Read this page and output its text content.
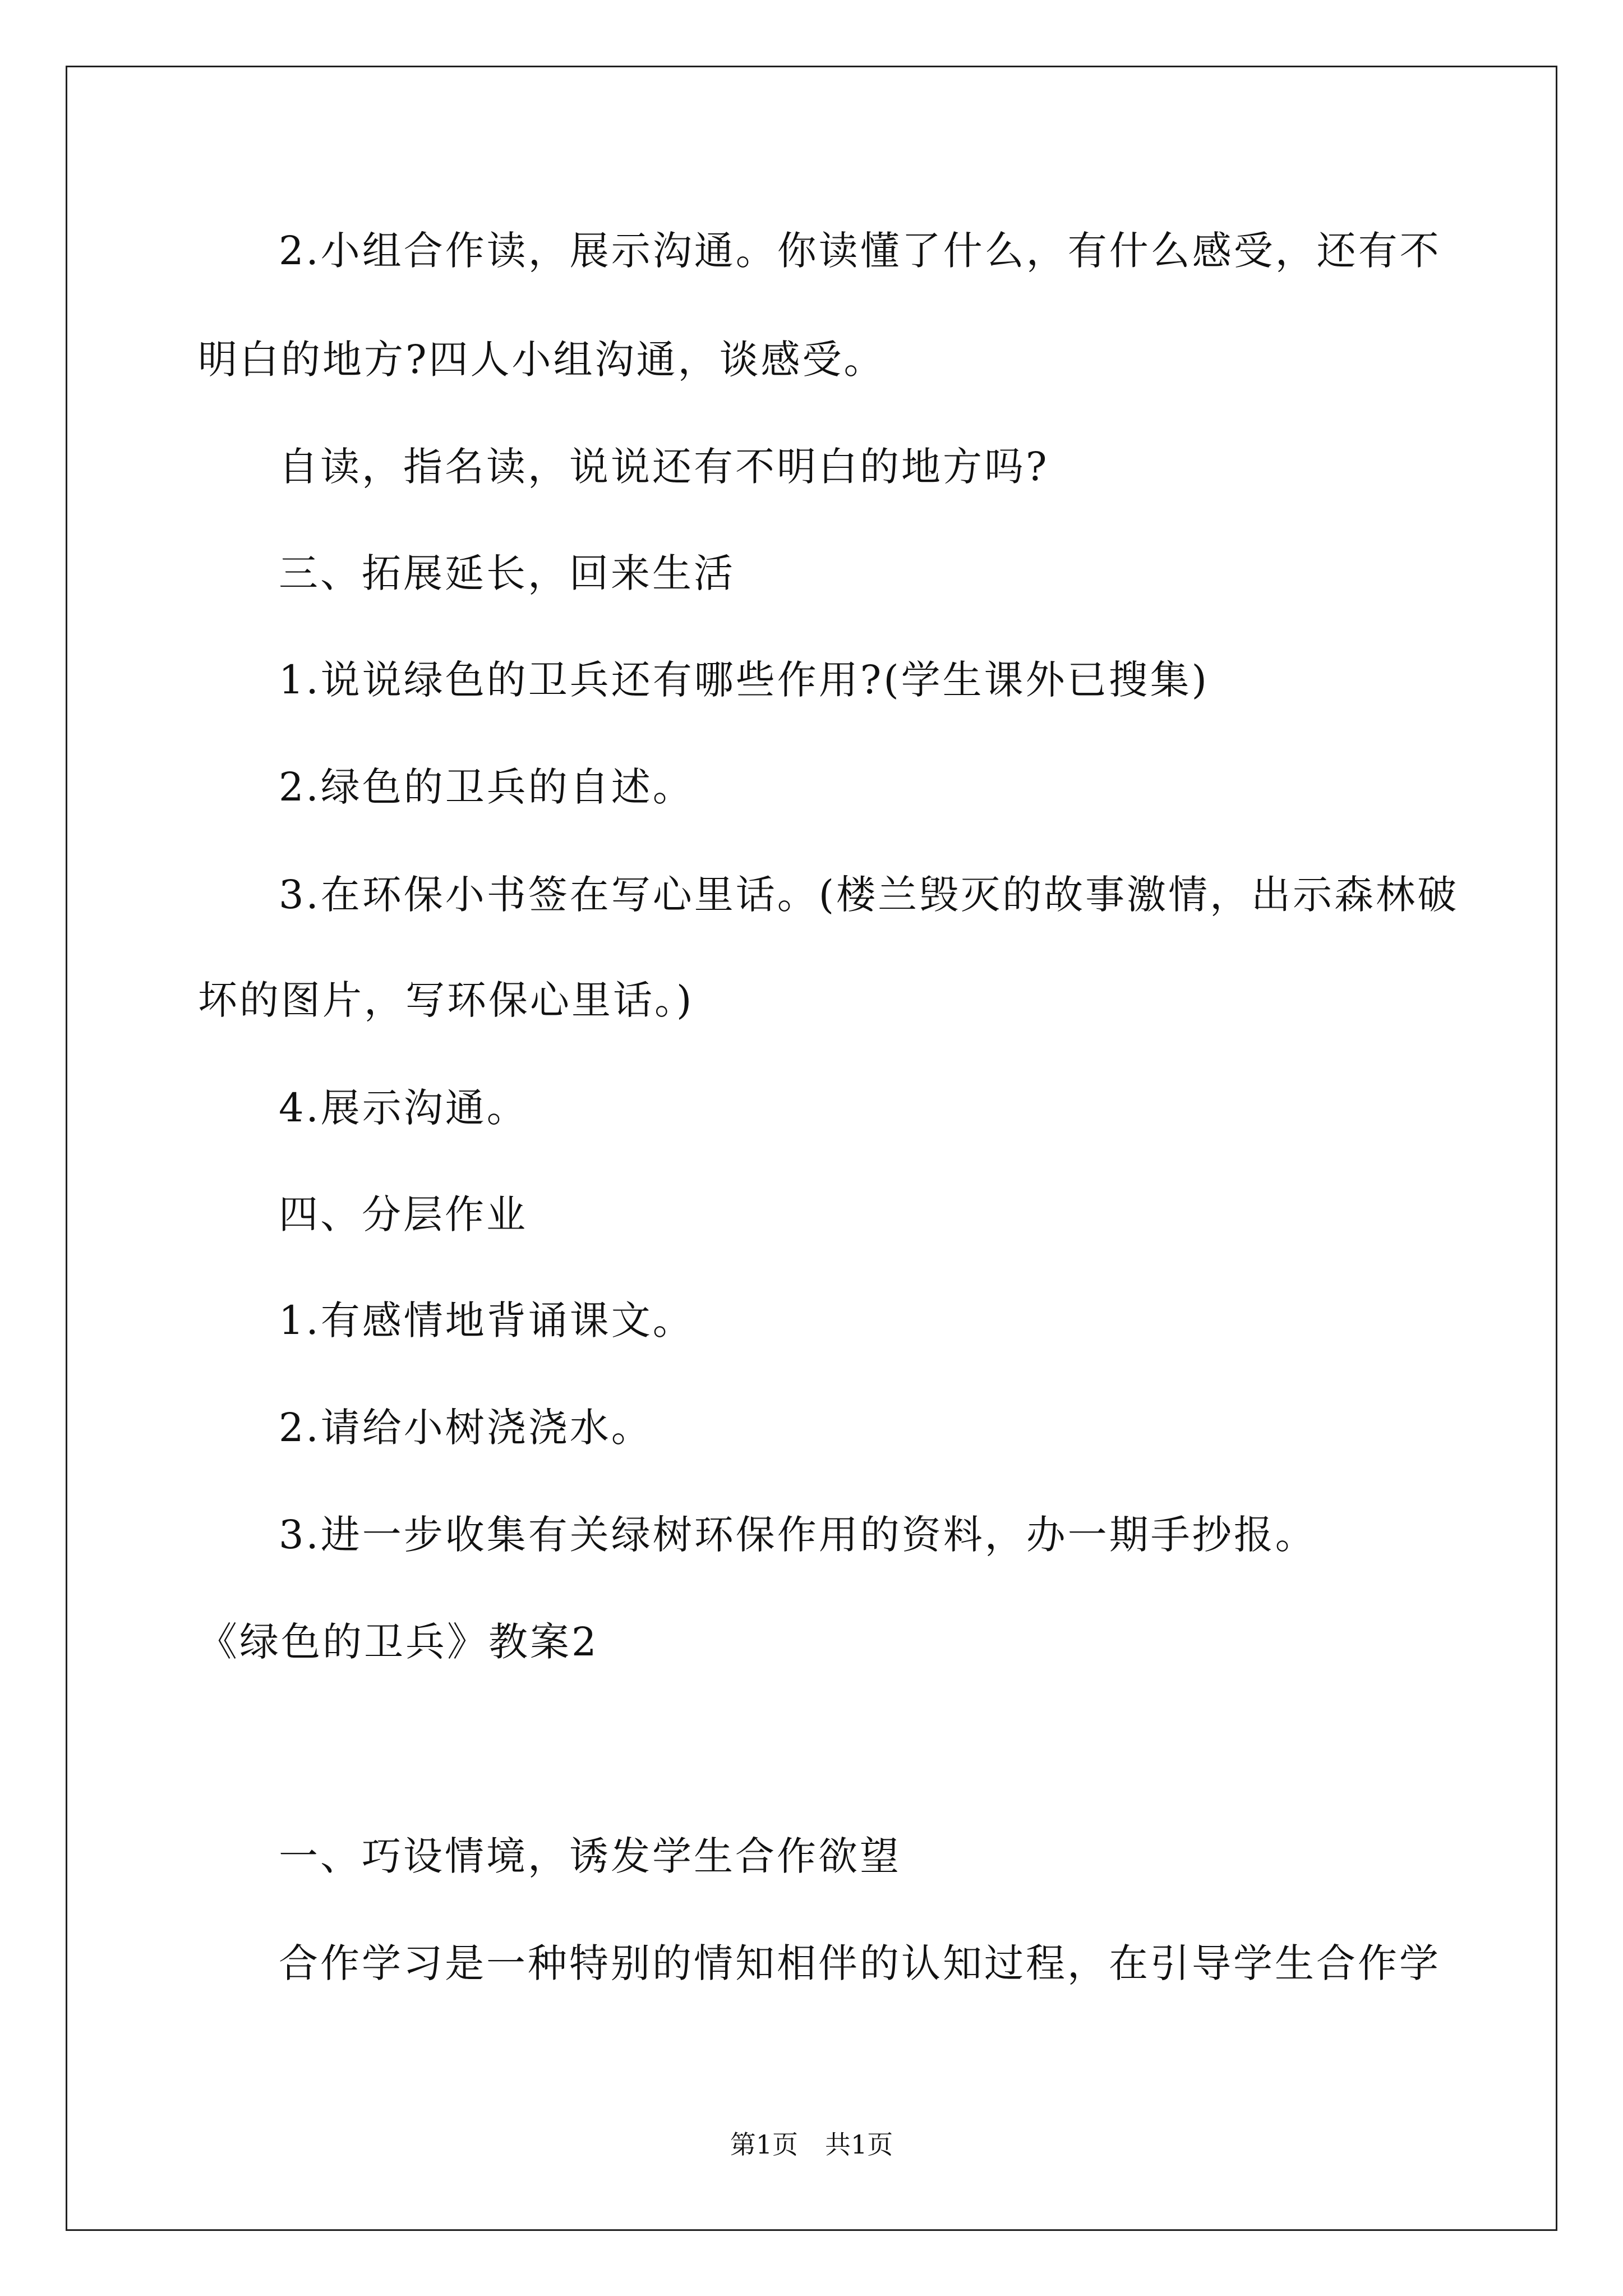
2.小组合作读，展示沟通。你读懂了什么，有什么感受，还有不
明白的地方?四人小组沟通，谈感受。
自读，指名读，说说还有不明白的地方吗?
三、拓展延长，回来生活
1.说说绿色的卫兵还有哪些作用?(学生课外已搜集)
2.绿色的卫兵的自述。
3.在环保小书签在写心里话。(楼兰毁灭的故事激情，出示森林破
坏的图片，写环保心里话。)
4.展示沟通。
四、分层作业
1.有感情地背诵课文。
2.请给小树浇浇水。
3.进一步收集有关绿树环保作用的资料，办一期手抄报。
《绿色的卫兵》教案2
一、巧设情境，诱发学生合作欲望
合作学习是一种特别的情知相伴的认知过程，在引导学生合作学
第1页 共1页
